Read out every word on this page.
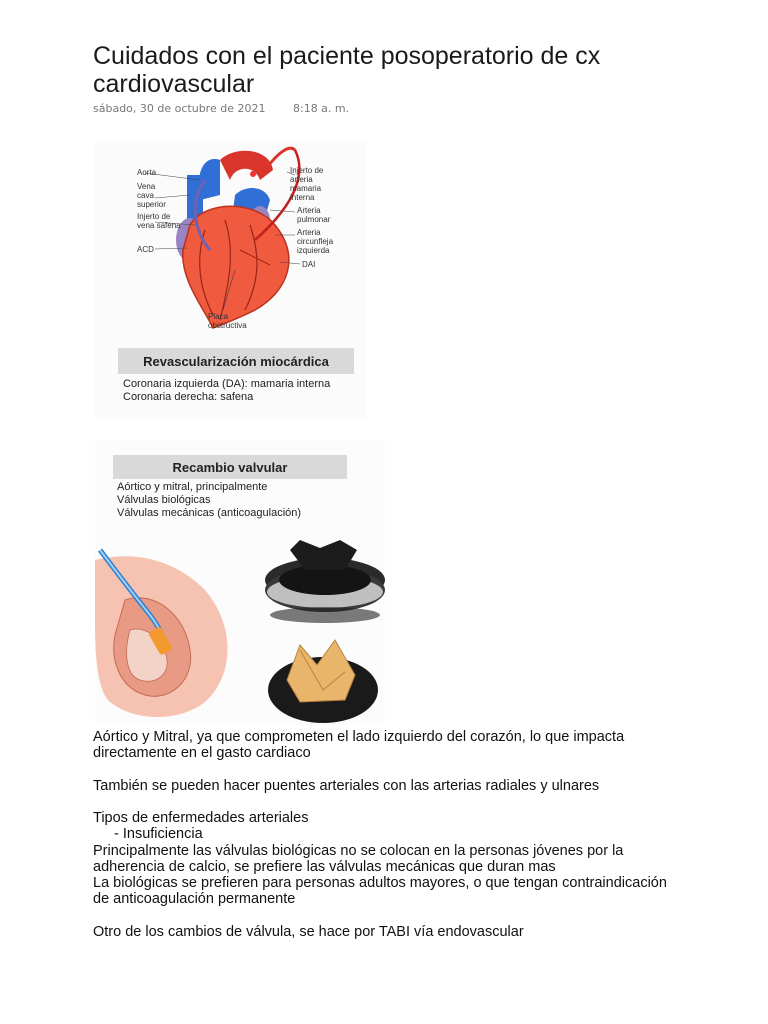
Cuidados con el paciente posoperatorio de cx cardiovascular
sábado, 30 de octubre de 2021	8:18 a. m.
Aorta
Vena cava superior
Injerto de vena safena
ACD
Injerto de arteria mamaria interna
Arteria pulmonar
Arteria circunfleja izquierda
DAI
Placa obstructiva
Revascularización miocárdica
Coronaria izquierda (DA): mamaria interna
Coronaria derecha: safena
Recambio valvular
Aórtico y mitral, principalmente
Válvulas biológicas
Válvulas mecánicas (anticoagulación)

Aórtico y Mitral, ya que comprometen el lado izquierdo del corazón, lo que impacta

directamente en el gasto cardiaco

También se pueden hacer puentes arteriales con las arterias radiales y ulnares

Tipos de enfermedades arteriales

- Insuficiencia

Principalmente las válvulas biológicas no se colocan en la personas jóvenes por la

adherencia de calcio, se prefiere las válvulas mecánicas que duran mas

La biológicas se prefieren para personas adultos mayores, o que tengan contraindicación

de anticoagulación permanente

Otro de los cambios de válvula, se hace por TABI vía endovascular
